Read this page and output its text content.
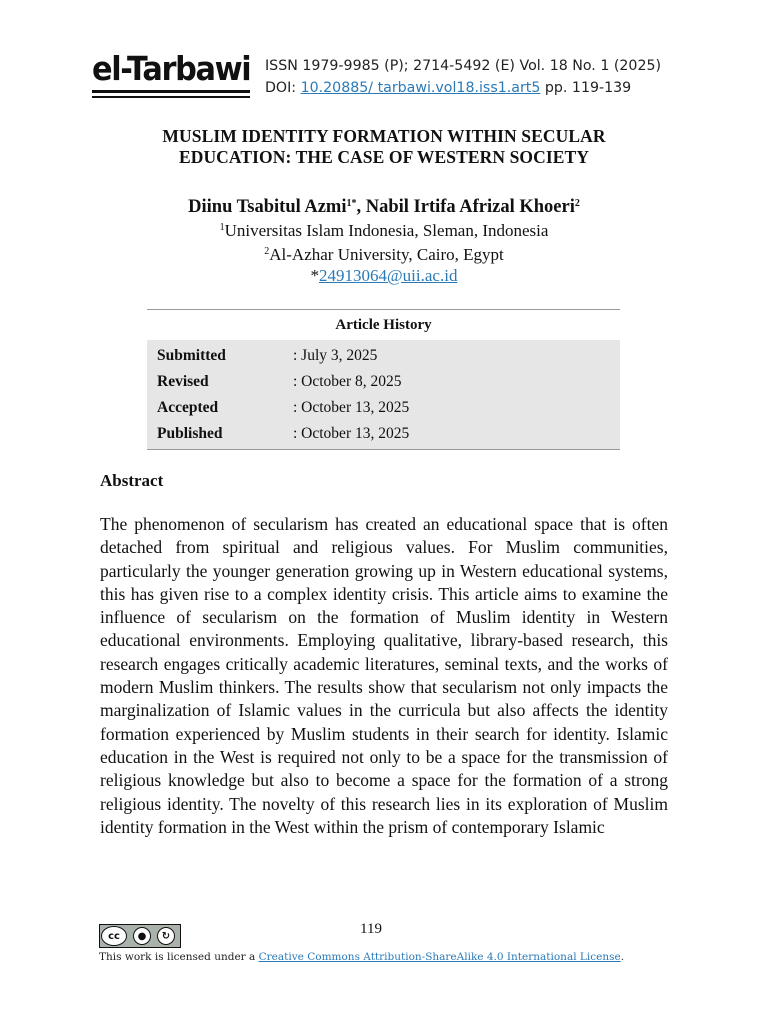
el-Tarbawi ISSN 1979-9985 (P); 2714-5492 (E) Vol. 18 No. 1 (2025)
DOI: 10.20885/ tarbawi.vol18.iss1.art5 pp. 119-139
MUSLIM IDENTITY FORMATION WITHIN SECULAR
EDUCATION: THE CASE OF WESTERN SOCIETY
Diinu Tsabitul Azmi$^{1*}$, Nabil Irtifa Afrizal Khoeri$^2$
$^1$Universitas Islam Indonesia, Sleman, Indonesia
$^2$Al-Azhar University, Cairo, Egypt
*24913064@uii.ac.id
Article History
Submitted	: July 3, 2025
Revised	: October 8, 2025
Accepted	: October 13, 2025
Published	: October 13, 2025
Abstract
The phenomenon of secularism has created an educational space that is often detached from spiritual and religious values. For Muslim communities, particularly the younger generation growing up in Western educational systems, this has given rise to a complex identity crisis. This article aims to examine the influence of secularism on the formation of Muslim identity in Western educational environments. Employing qualitative, library-based research, this research engages critically academic literatures, seminal texts, and the works of modern Muslim thinkers. The results show that secularism not only impacts the marginalization of Islamic values in the curricula but also affects the identity formation experienced by Muslim students in their search for identity. Islamic education in the West is required not only to be a space for the transmission of religious knowledge but also to become a space for the formation of a strong religious identity. The novelty of this research lies in its exploration of Muslim identity formation in the West within the prism of contemporary Islamic
119
cc	●	↻
This work is licensed under a Creative Commons Attribution-ShareAlike 4.0 International License.
